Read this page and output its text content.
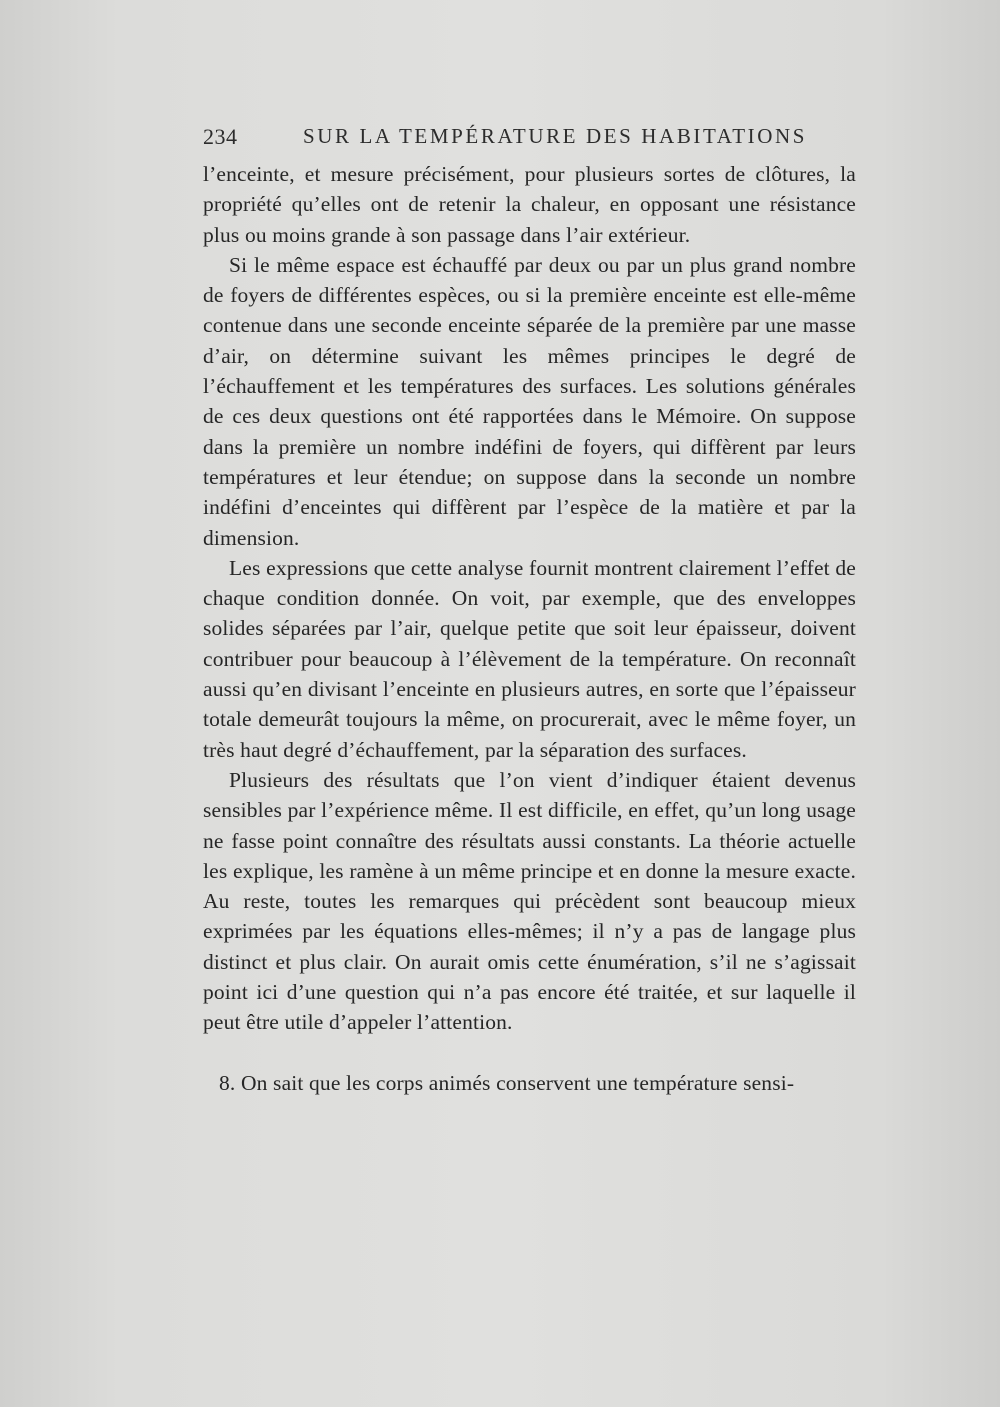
234	SUR LA TEMPÉRATURE DES HABITATIONS

l’enceinte, et mesure précisément, pour plusieurs sortes de clôtures, la propriété qu’elles ont de retenir la chaleur, en opposant une résistance plus ou moins grande à son passage dans l’air extérieur.

Si le même espace est échauffé par deux ou par un plus grand nombre de foyers de différentes espèces, ou si la première enceinte est elle-même contenue dans une seconde enceinte séparée de la première par une masse d’air, on détermine suivant les mêmes principes le degré de l’échauffement et les températures des surfaces. Les solutions générales de ces deux questions ont été rapportées dans le Mémoire. On suppose dans la première un nombre indéfini de foyers, qui diffèrent par leurs températures et leur étendue; on suppose dans la seconde un nombre indéfini d’enceintes qui diffèrent par l’espèce de la matière et par la dimension.

Les expressions que cette analyse fournit montrent clairement l’effet de chaque condition donnée. On voit, par exemple, que des enveloppes solides séparées par l’air, quelque petite que soit leur épaisseur, doivent contribuer pour beaucoup à l’élèvement de la température. On reconnaît aussi qu’en divisant l’enceinte en plusieurs autres, en sorte que l’épaisseur totale demeurât toujours la même, on procurerait, avec le même foyer, un très haut degré d’échauffement, par la séparation des surfaces.

Plusieurs des résultats que l’on vient d’indiquer étaient devenus sensibles par l’expérience même. Il est difficile, en effet, qu’un long usage ne fasse point connaître des résultats aussi constants. La théorie actuelle les explique, les ramène à un même principe et en donne la mesure exacte. Au reste, toutes les remarques qui précèdent sont beaucoup mieux exprimées par les équations elles-mêmes; il n’y a pas de langage plus distinct et plus clair. On aurait omis cette énumération, s’il ne s’agissait point ici d’une question qui n’a pas encore été traitée, et sur laquelle il peut être utile d’appeler l’attention.

8. On sait que les corps animés conservent une température sensi-
